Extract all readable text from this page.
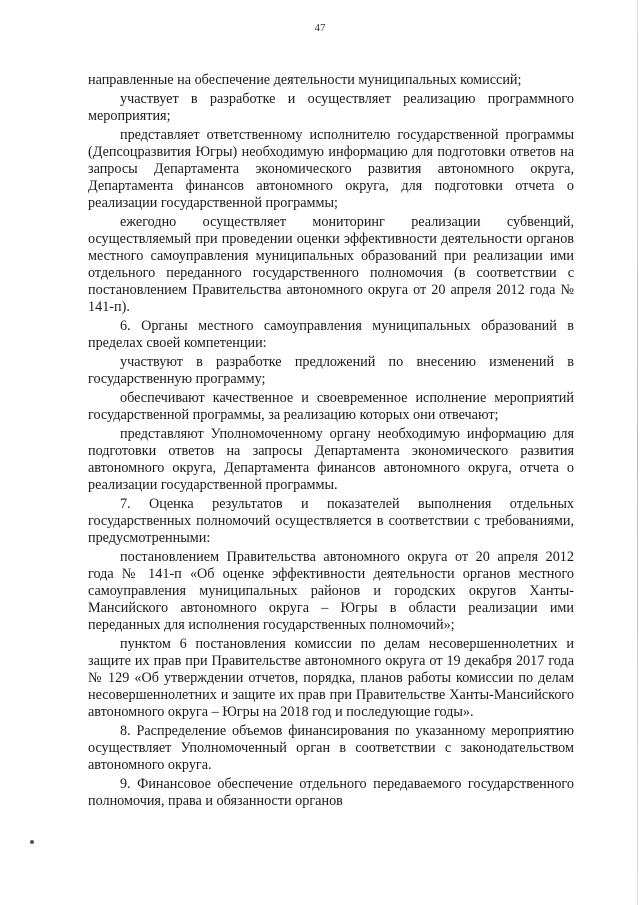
47

направленные на обеспечение деятельности муниципальных комиссий;

участвует в разработке и осуществляет реализацию программного мероприятия;

представляет ответственному исполнителю государственной программы (Депсоцразвития Югры) необходимую информацию для подготовки ответов на запросы Департамента экономического развития автономного округа, Департамента финансов автономного округа, для подготовки отчета о реализации государственной программы;

ежегодно осуществляет мониторинг реализации субвенций, осуществляемый при проведении оценки эффективности деятельности органов местного самоуправления муниципальных образований при реализации ими отдельного переданного государственного полномочия (в соответствии с постановлением Правительства автономного округа от 20 апреля 2012 года № 141-п).

6. Органы местного самоуправления муниципальных образований в пределах своей компетенции:

участвуют в разработке предложений по внесению изменений в государственную программу;

обеспечивают качественное и своевременное исполнение мероприятий государственной программы, за реализацию которых они отвечают;

представляют Уполномоченному органу необходимую информацию для подготовки ответов на запросы Департамента экономического развития автономного округа, Департамента финансов автономного округа, отчета о реализации государственной программы.

7. Оценка результатов и показателей выполнения отдельных государственных полномочий осуществляется в соответствии с требованиями, предусмотренными:

постановлением Правительства автономного округа от 20 апреля 2012 года № 141-п «Об оценке эффективности деятельности органов местного самоуправления муниципальных районов и городских округов Ханты-Мансийского автономного округа – Югры в области реализации ими переданных для исполнения государственных полномочий»;

пунктом 6 постановления комиссии по делам несовершеннолетних и защите их прав при Правительстве автономного округа от 19 декабря 2017 года № 129 «Об утверждении отчетов, порядка, планов работы комиссии по делам несовершеннолетних и защите их прав при Правительстве Ханты-Мансийского автономного округа – Югры на 2018 год и последующие годы».

8. Распределение объемов финансирования по указанному мероприятию осуществляет Уполномоченный орган в соответствии с законодательством автономного округа.

9. Финансовое обеспечение отдельного передаваемого государственного полномочия, права и обязанности органов
